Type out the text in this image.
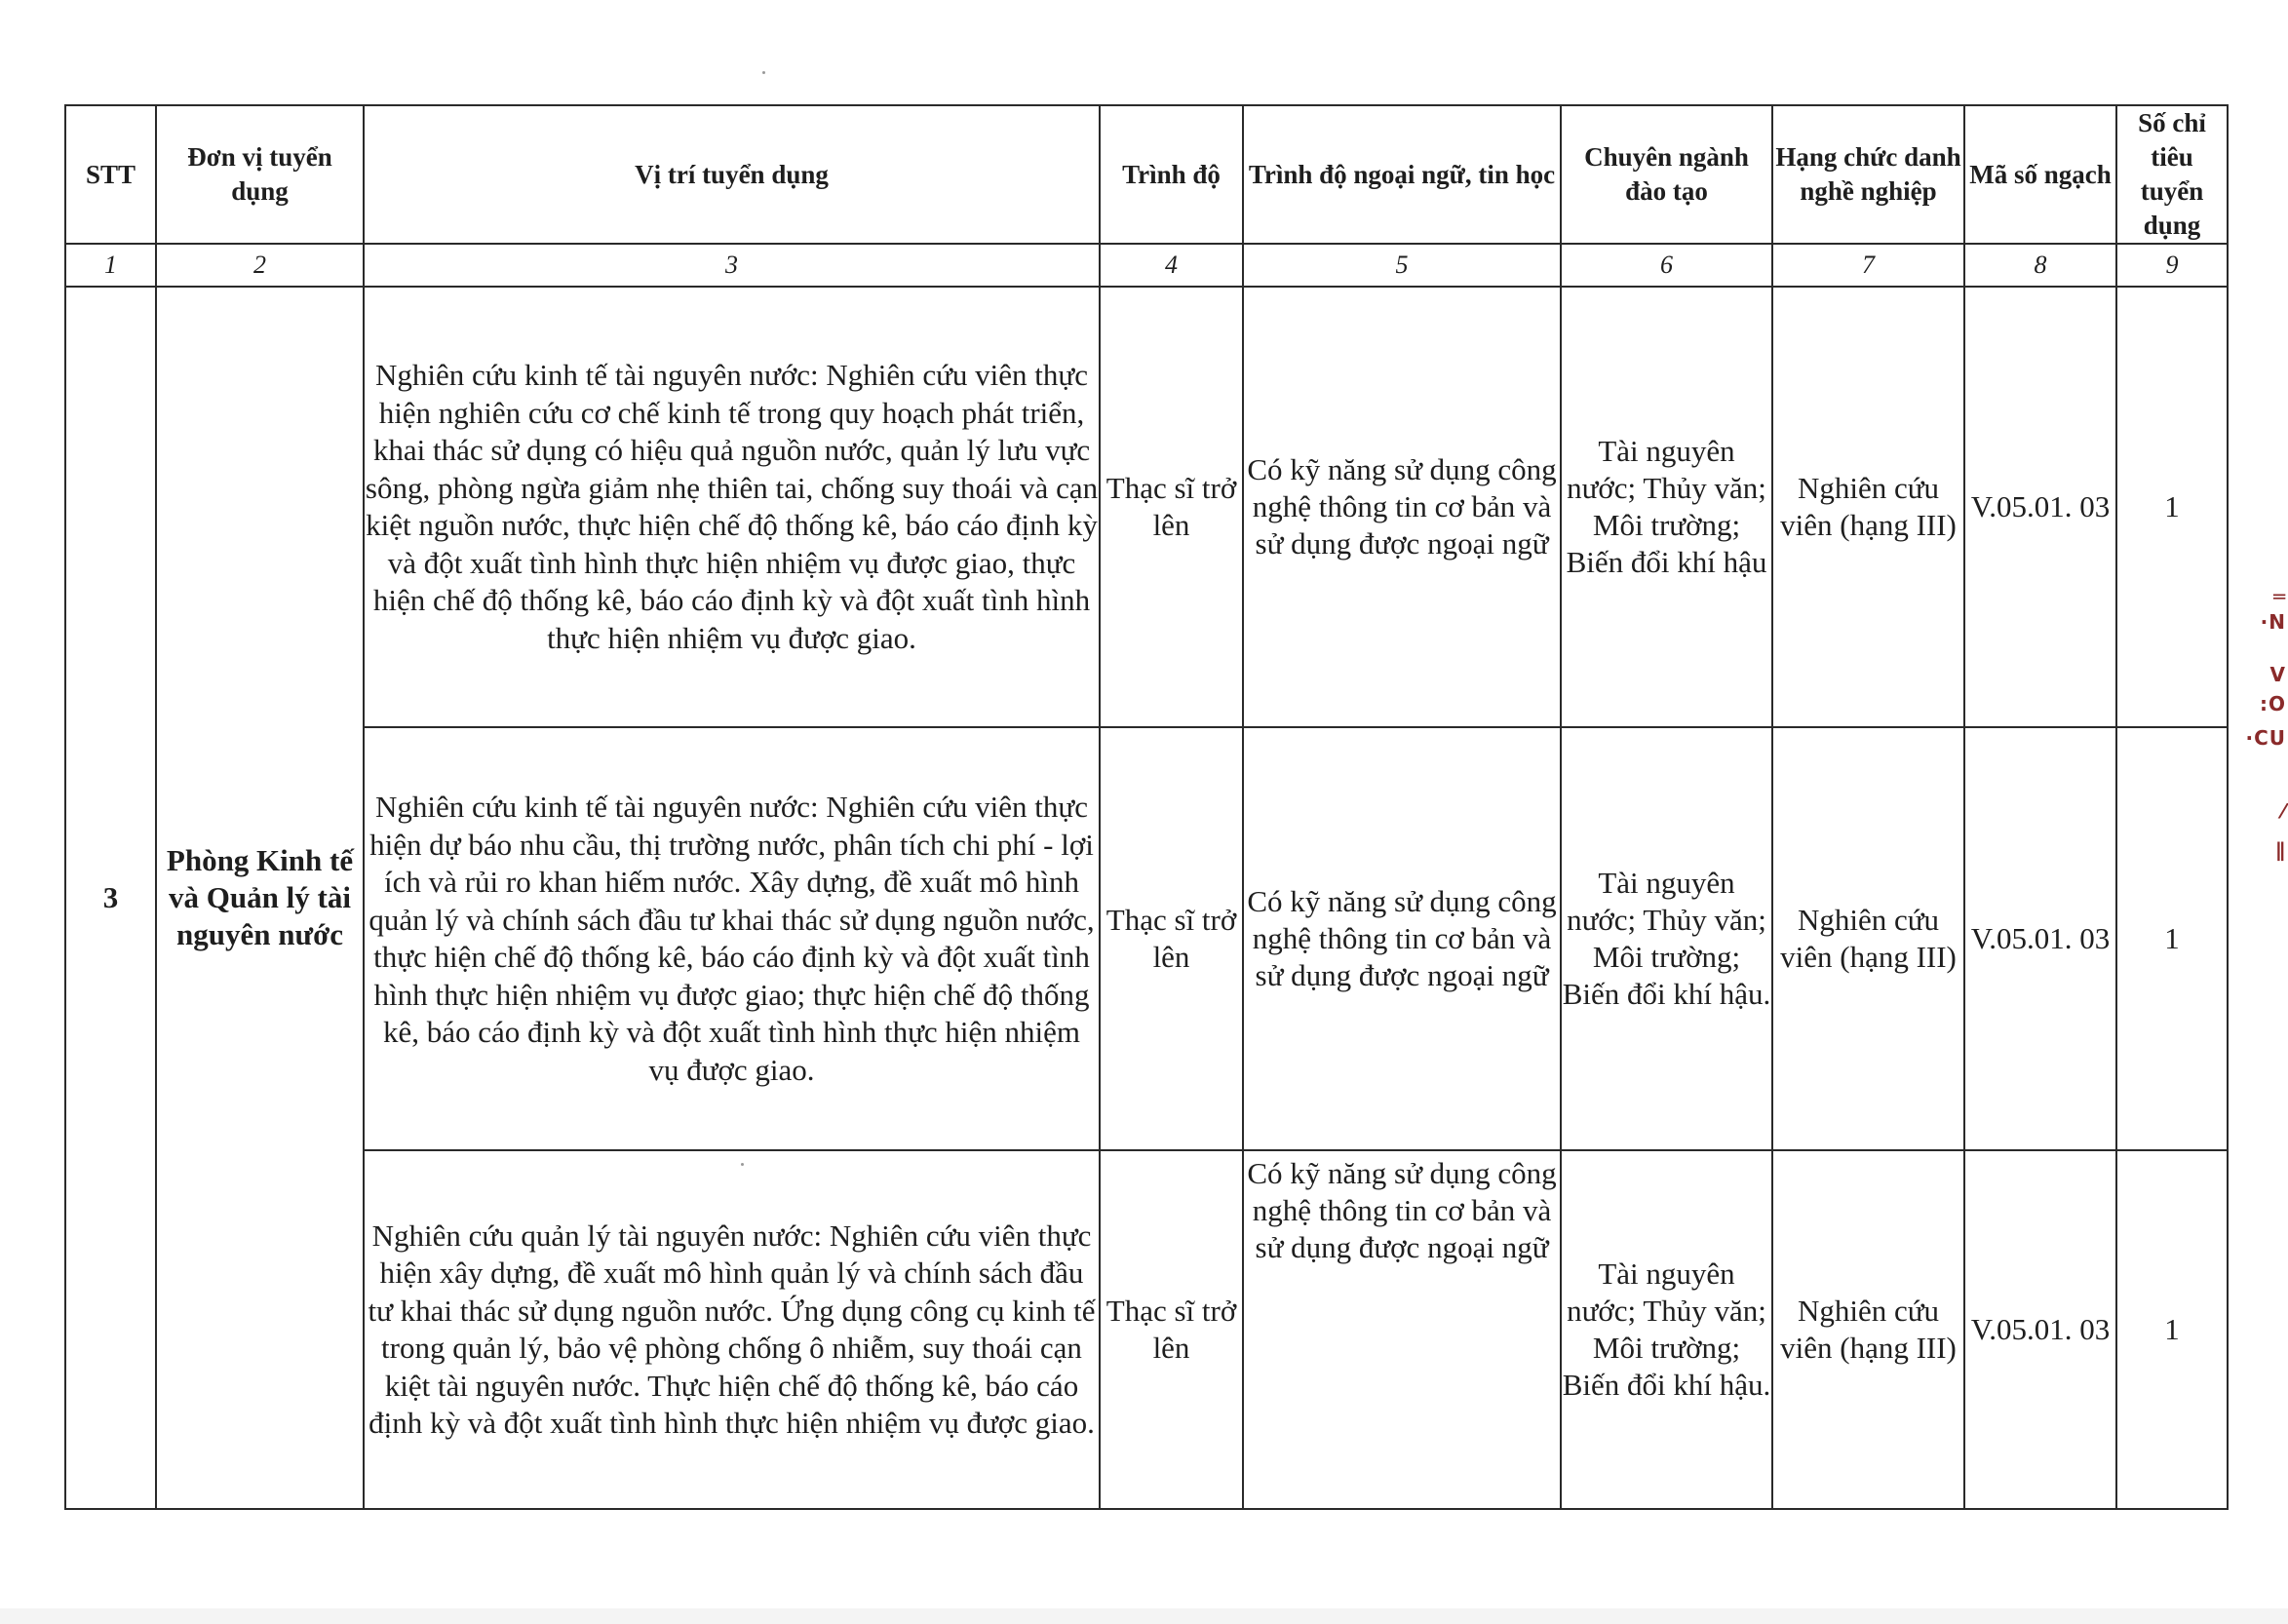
STT	Đơn vị tuyển dụng	Vị trí tuyển dụng	Trình độ	Trình độ ngoại ngữ, tin học	Chuyên ngành đào tạo	Hạng chức danh nghề nghiệp	Mã số ngạch	Số chỉ tiêu tuyển dụng
1	2	3	4	5	6	7	8	9
3	Phòng Kinh tế và Quản lý tài nguyên nước	Nghiên cứu kinh tế tài nguyên nước: Nghiên cứu viên thực hiện nghiên cứu cơ chế kinh tế trong quy hoạch phát triển, khai thác sử dụng có hiệu quả nguồn nước, quản lý lưu vực sông, phòng ngừa giảm nhẹ thiên tai, chống suy thoái và cạn kiệt nguồn nước, thực hiện chế độ thống kê, báo cáo định kỳ và đột xuất tình hình thực hiện nhiệm vụ được giao, thực hiện chế độ thống kê, báo cáo định kỳ và đột xuất tình hình thực hiện nhiệm vụ được giao.	Thạc sĩ trở lên	Có kỹ năng sử dụng công nghệ thông tin cơ bản và sử dụng được ngoại ngữ	Tài nguyên nước; Thủy văn; Môi trường; Biến đổi khí hậu	Nghiên cứu viên (hạng III)	V.05.01. 03	1
		Nghiên cứu kinh tế tài nguyên nước: Nghiên cứu viên thực hiện dự báo nhu cầu, thị trường nước, phân tích chi phí - lợi ích và rủi ro khan hiếm nước. Xây dựng, đề xuất mô hình quản lý và chính sách đầu tư khai thác sử dụng nguồn nước, thực hiện chế độ thống kê, báo cáo định kỳ và đột xuất tình hình thực hiện nhiệm vụ được giao; thực hiện chế độ thống kê, báo cáo định kỳ và đột xuất tình hình thực hiện nhiệm vụ được giao.	Thạc sĩ trở lên	Có kỹ năng sử dụng công nghệ thông tin cơ bản và sử dụng được ngoại ngữ	Tài nguyên nước; Thủy văn; Môi trường; Biến đổi khí hậu.	Nghiên cứu viên (hạng III)	V.05.01. 03	1
		Nghiên cứu quản lý tài nguyên nước: Nghiên cứu viên thực hiện xây dựng, đề xuất mô hình quản lý và chính sách đầu tư khai thác sử dụng nguồn nước. Ứng dụng công cụ kinh tế trong quản lý, bảo vệ phòng chống ô nhiễm, suy thoái cạn kiệt tài nguyên nước. Thực hiện chế độ thống kê, báo cáo định kỳ và đột xuất tình hình thực hiện nhiệm vụ được giao.	Thạc sĩ trở lên	Có kỹ năng sử dụng công nghệ thông tin cơ bản và sử dụng được ngoại ngữ	Tài nguyên nước; Thủy văn; Môi trường; Biến đổi khí hậu.	Nghiên cứu viên (hạng III)	V.05.01. 03	1
═
·N
V
:O
·CU
⁄
∥
